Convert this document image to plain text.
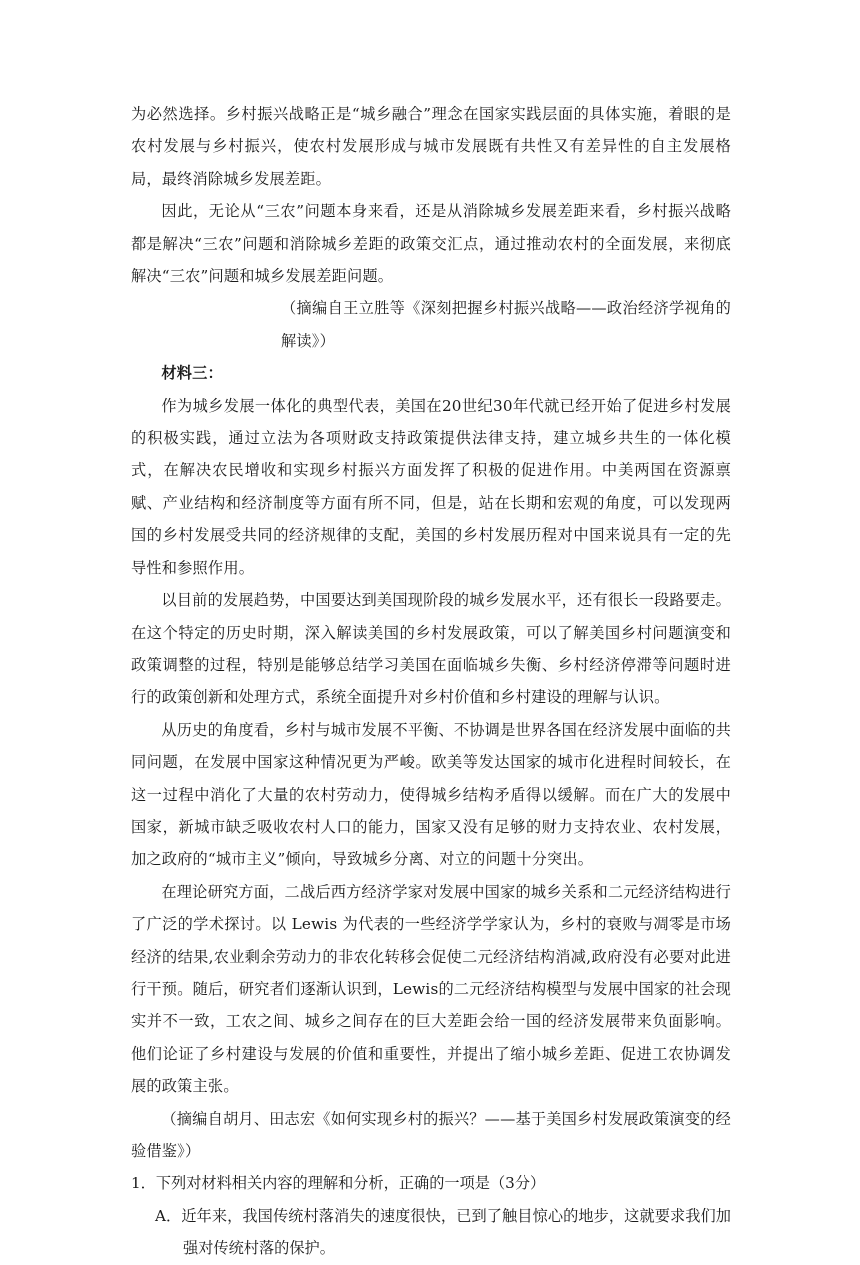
为必然选择。乡村振兴战略正是“城乡融合”理念在国家实践层面的具体实施，着眼的是农村发展与乡村振兴，使农村发展形成与城市发展既有共性又有差异性的自主发展格局，最终消除城乡发展差距。

因此，无论从“三农”问题本身来看，还是从消除城乡发展差距来看，乡村振兴战略都是解决“三农”问题和消除城乡差距的政策交汇点，通过推动农村的全面发展，来彻底解决“三农”问题和城乡发展差距问题。

（摘编自王立胜等《深刻把握乡村振兴战略——政治经济学视角的解读》）

材料三：

作为城乡发展一体化的典型代表，美国在20世纪30年代就已经开始了促进乡村发展的积极实践，通过立法为各项财政支持政策提供法律支持，建立城乡共生的一体化模式，在解决农民增收和实现乡村振兴方面发挥了积极的促进作用。中美两国在资源禀赋、产业结构和经济制度等方面有所不同，但是，站在长期和宏观的角度，可以发现两国的乡村发展受共同的经济规律的支配，美国的乡村发展历程对中国来说具有一定的先导性和参照作用。

以目前的发展趋势，中国要达到美国现阶段的城乡发展水平，还有很长一段路要走。在这个特定的历史时期，深入解读美国的乡村发展政策，可以了解美国乡村问题演变和政策调整的过程，特别是能够总结学习美国在面临城乡失衡、乡村经济停滞等问题时进行的政策创新和处理方式，系统全面提升对乡村价值和乡村建设的理解与认识。

从历史的角度看，乡村与城市发展不平衡、不协调是世界各国在经济发展中面临的共同问题，在发展中国家这种情况更为严峻。欧美等发达国家的城市化进程时间较长，在这一过程中消化了大量的农村劳动力，使得城乡结构矛盾得以缓解。而在广大的发展中国家，新城市缺乏吸收农村人口的能力，国家又没有足够的财力支持农业、农村发展，加之政府的“城市主义”倾向，导致城乡分离、对立的问题十分突出。

在理论研究方面，二战后西方经济学家对发展中国家的城乡关系和二元经济结构进行了广泛的学术探讨。以 Lewis 为代表的一些经济学学家认为，乡村的衰败与凋零是市场经济的结果,农业剩余劳动力的非农化转移会促使二元经济结构消减,政府没有必要对此进行干预。随后，研究者们逐渐认识到，Lewis的二元经济结构模型与发展中国家的社会现实并不一致，工农之间、城乡之间存在的巨大差距会给一国的经济发展带来负面影响。他们论证了乡村建设与发展的价值和重要性，并提出了缩小城乡差距、促进工农协调发展的政策主张。

（摘编自胡月、田志宏《如何实现乡村的振兴？——基于美国乡村发展政策演变的经验借鉴》）

1．下列对材料相关内容的理解和分析，正确的一项是（3分）

A．近年来，我国传统村落消失的速度很快，已到了触目惊心的地步，这就要求我们加强对传统村落的保护。
